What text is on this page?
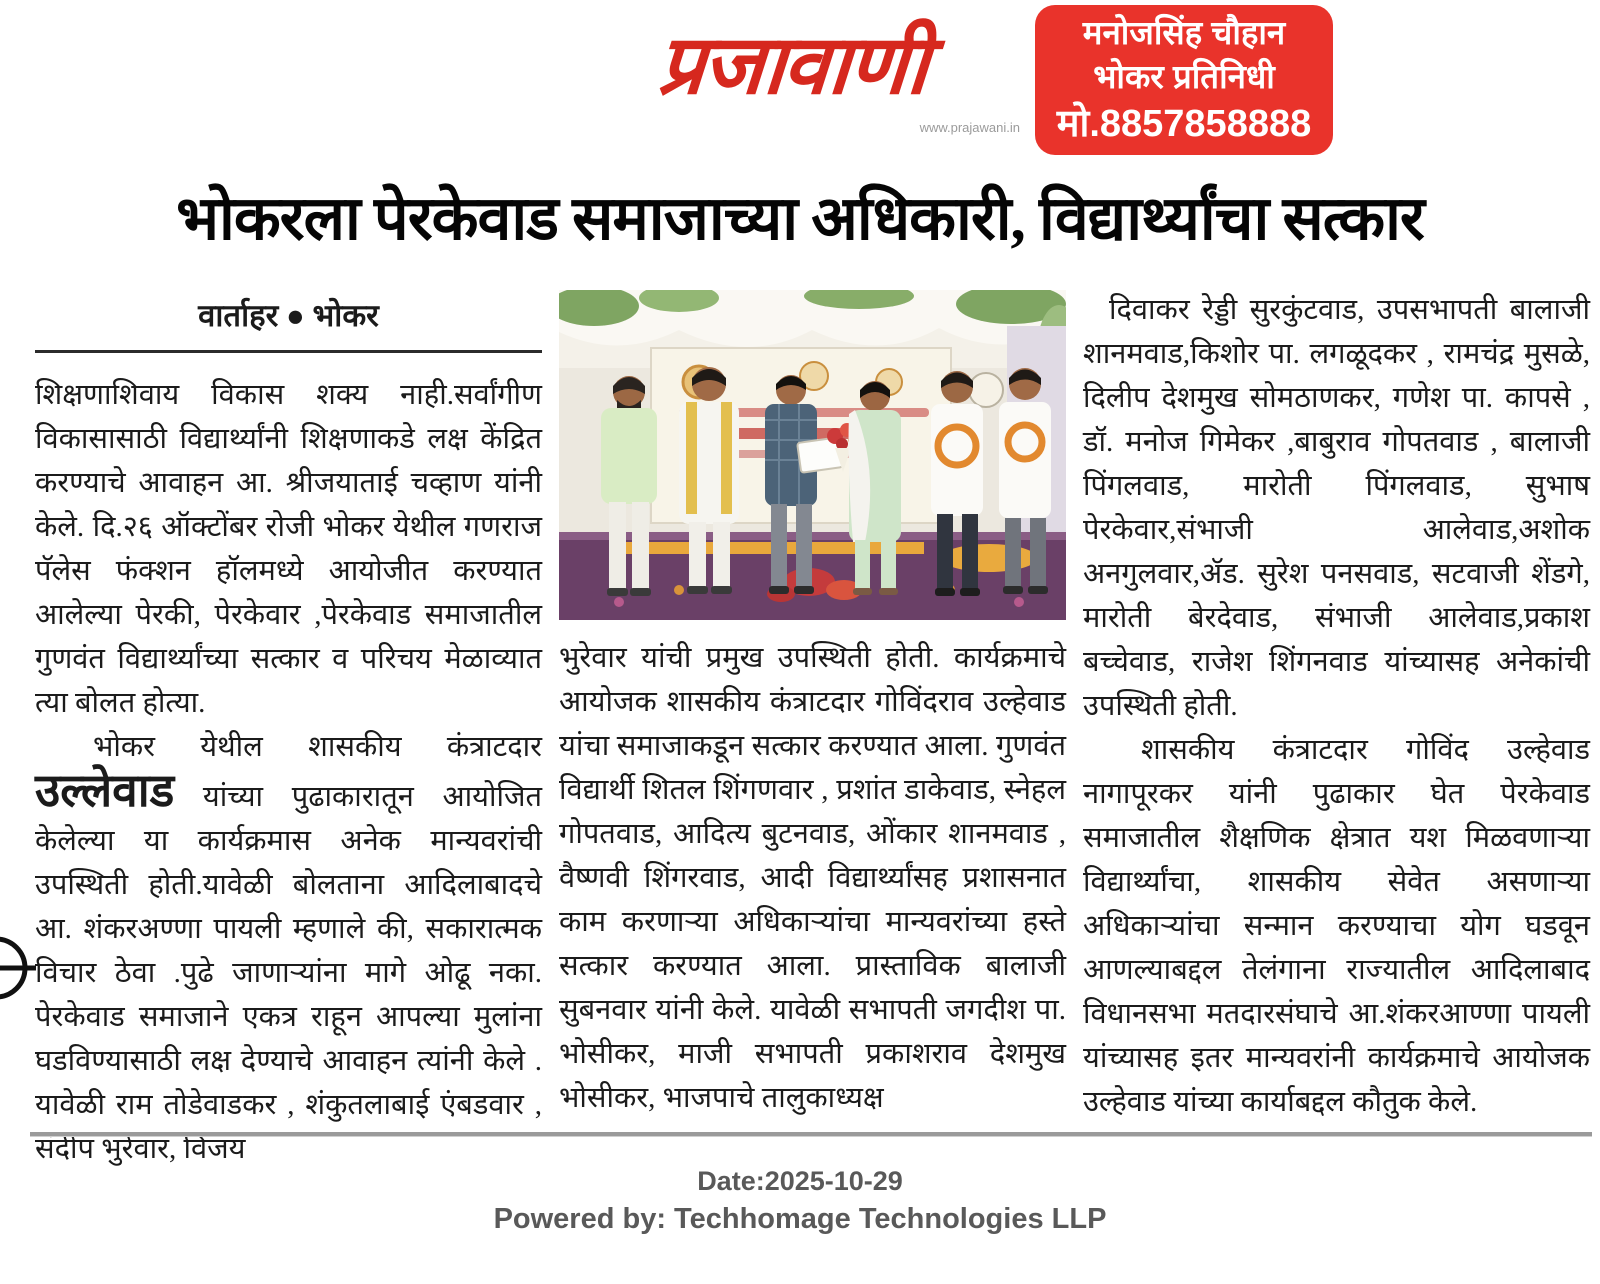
प्रजावाणी
www.prajawani.in
मनोजसिंह चौहान
भोकर प्रतिनिधी
मो.8857858888
भोकरला पेरकेवाड समाजाच्या अधिकारी, विद्यार्थ्यांचा सत्कार
वार्ताहर ● भोकर

शिक्षणाशिवाय विकास शक्य नाही.सर्वांगीण विकासासाठी विद्यार्थ्यांनी शिक्षणाकडे लक्ष केंद्रित करण्याचे आवाहन आ. श्रीजयाताई चव्हाण यांनी केले. दि.२६ ऑक्टोंबर रोजी भोकर येथील गणराज पॅलेस फंक्शन हॉलमध्ये आयोजीत करण्यात आलेल्या पेरकी, पेरकेवार ,पेरकेवाड समाजातील गुणवंत विद्यार्थ्यांच्या सत्कार व परिचय मेळाव्यात त्या बोलत होत्या.

भोकर येथील शासकीय कंत्राटदार उल्लेवाड यांच्या पुढाकारातून आयोजित केलेल्या या कार्यक्रमास अनेक मान्यवरांची उपस्थिती होती.यावेळी बोलताना आदिलाबादचे आ. शंकरअण्णा पायली म्हणाले की, सकारात्मक विचार ठेवा .पुढे जाणाऱ्यांना मागे ओढू नका. पेरकेवाड समाजाने एकत्र राहून आपल्या मुलांना घडविण्यासाठी लक्ष देण्याचे आवाहन त्यांनी केले . यावेळी राम तोडेवाडकर , शंकुतलाबाई एंबडवार , संदीप भुरेवार, विजय

भुरेवार यांची प्रमुख उपस्थिती होती. कार्यक्रमाचे आयोजक शासकीय कंत्राटदार गोविंदराव उल्हेवाड यांचा समाजाकडून सत्कार करण्यात आला. गुणवंत विद्यार्थी शितल शिंगणवार , प्रशांत डाकेवाड, स्नेहल गोपतवाड, आदित्य बुटनवाड, ओंकार शानमवाड , वैष्णवी शिंगरवाड, आदी विद्यार्थ्यांसह प्रशासनात काम करणाऱ्या अधिकाऱ्यांचा मान्यवरांच्या हस्ते सत्कार करण्यात आला. प्रास्ताविक बालाजी सुबनवार यांनी केले. यावेळी सभापती जगदीश पा. भोसीकर, माजी सभापती प्रकाशराव देशमुख भोसीकर, भाजपाचे तालुकाध्यक्ष

दिवाकर रेड्डी सुरकुंटवाड, उपसभापती बालाजी शानमवाड,किशोर पा. लगळूदकर , रामचंद्र मुसळे, दिलीप देशमुख सोमठाणकर, गणेश पा. कापसे , डॉ. मनोज गिमेकर ,बाबुराव गोपतवाड , बालाजी पिंगलवाड, मारोती पिंगलवाड, सुभाष पेरकेवार,संभाजी आलेवाड,अशोक अनगुलवार,ॲड. सुरेश पनसवाड, सटवाजी शेंडगे, मारोती बेरदेवाड, संभाजी आलेवाड,प्रकाश बच्चेवाड, राजेश शिंगनवाड यांच्यासह अनेकांची उपस्थिती होती.

शासकीय कंत्राटदार गोविंद उल्हेवाड नागापूरकर यांनी पुढाकार घेत पेरकेवाड समाजातील शैक्षणिक क्षेत्रात यश मिळवणाऱ्या विद्यार्थ्यांचा, शासकीय सेवेत असणाऱ्या अधिकाऱ्यांचा सन्मान करण्याचा योग घडवून आणल्याबद्दल तेलंगाना राज्यातील आदिलाबाद विधानसभा मतदारसंघाचे आ.शंकरआण्णा पायली यांच्यासह इतर मान्यवरांनी कार्यक्रमाचे आयोजक उल्हेवाड यांच्या कार्याबद्दल कौतुक केले.

Date:2025-10-29
Powered by: Techhomage Technologies LLP
